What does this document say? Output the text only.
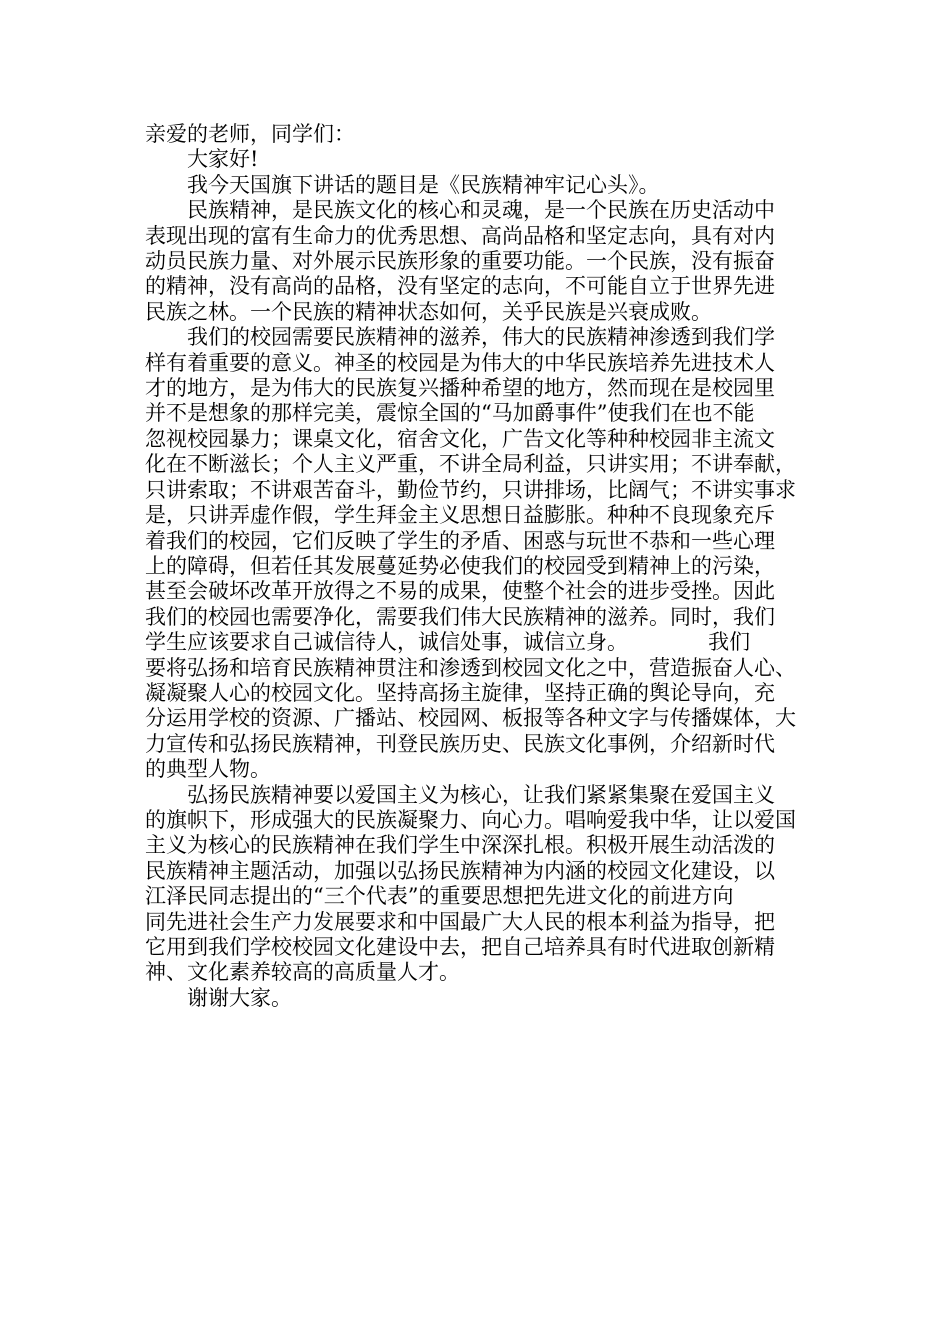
亲爱的老师，同学们：
大家好!
我今天国旗下讲话的题目是《民族精神牢记心头》。
民族精神，是民族文化的核心和灵魂，是一个民族在历史活动中
表现出现的富有生命力的优秀思想、高尚品格和坚定志向，具有对内
动员民族力量、对外展示民族形象的重要功能。一个民族，没有振奋
的精神，没有高尚的品格，没有坚定的志向，不可能自立于世界先进
民族之林。一个民族的精神状态如何，关乎民族是兴衰成败。
我们的校园需要民族精神的滋养，伟大的民族精神渗透到我们学
样有着重要的意义。神圣的校园是为伟大的中华民族培养先进技术人
才的地方，是为伟大的民族复兴播种希望的地方，然而现在是校园里
并不是想象的那样完美，震惊全国的“马加爵事件”使我们在也不能
忽视校园暴力；课桌文化，宿舍文化，广告文化等种种校园非主流文
化在不断滋长；个人主义严重，不讲全局利益，只讲实用；不讲奉献，
只讲索取；不讲艰苦奋斗，勤俭节约，只讲排场，比阔气；不讲实事求
是，只讲弄虚作假，学生拜金主义思想日益膨胀。种种不良现象充斥
着我们的校园，它们反映了学生的矛盾、困惑与玩世不恭和一些心理
上的障碍，但若任其发展蔓延势必使我们的校园受到精神上的污染，
甚至会破坏改革开放得之不易的成果，使整个社会的进步受挫。因此
我们的校园也需要净化，需要我们伟大民族精神的滋养。同时，我们
学生应该要求自己诚信待人，诚信处事，诚信立身。            我们
要将弘扬和培育民族精神贯注和渗透到校园文化之中，营造振奋人心、
凝凝聚人心的校园文化。坚持高扬主旋律，坚持正确的舆论导向，充
分运用学校的资源、广播站、校园网、板报等各种文字与传播媒体，大
力宣传和弘扬民族精神，刊登民族历史、民族文化事例，介绍新时代
的典型人物。
弘扬民族精神要以爱国主义为核心，让我们紧紧集聚在爱国主义
的旗帜下，形成强大的民族凝聚力、向心力。唱响爱我中华，让以爱国
主义为核心的民族精神在我们学生中深深扎根。积极开展生动活泼的
民族精神主题活动，加强以弘扬民族精神为内涵的校园文化建设，以
江泽民同志提出的“三个代表”的重要思想把先进文化的前进方向
同先进社会生产力发展要求和中国最广大人民的根本利益为指导，把
它用到我们学校校园文化建设中去，把自己培养具有时代进取创新精
神、文化素养较高的高质量人才。
谢谢大家。
